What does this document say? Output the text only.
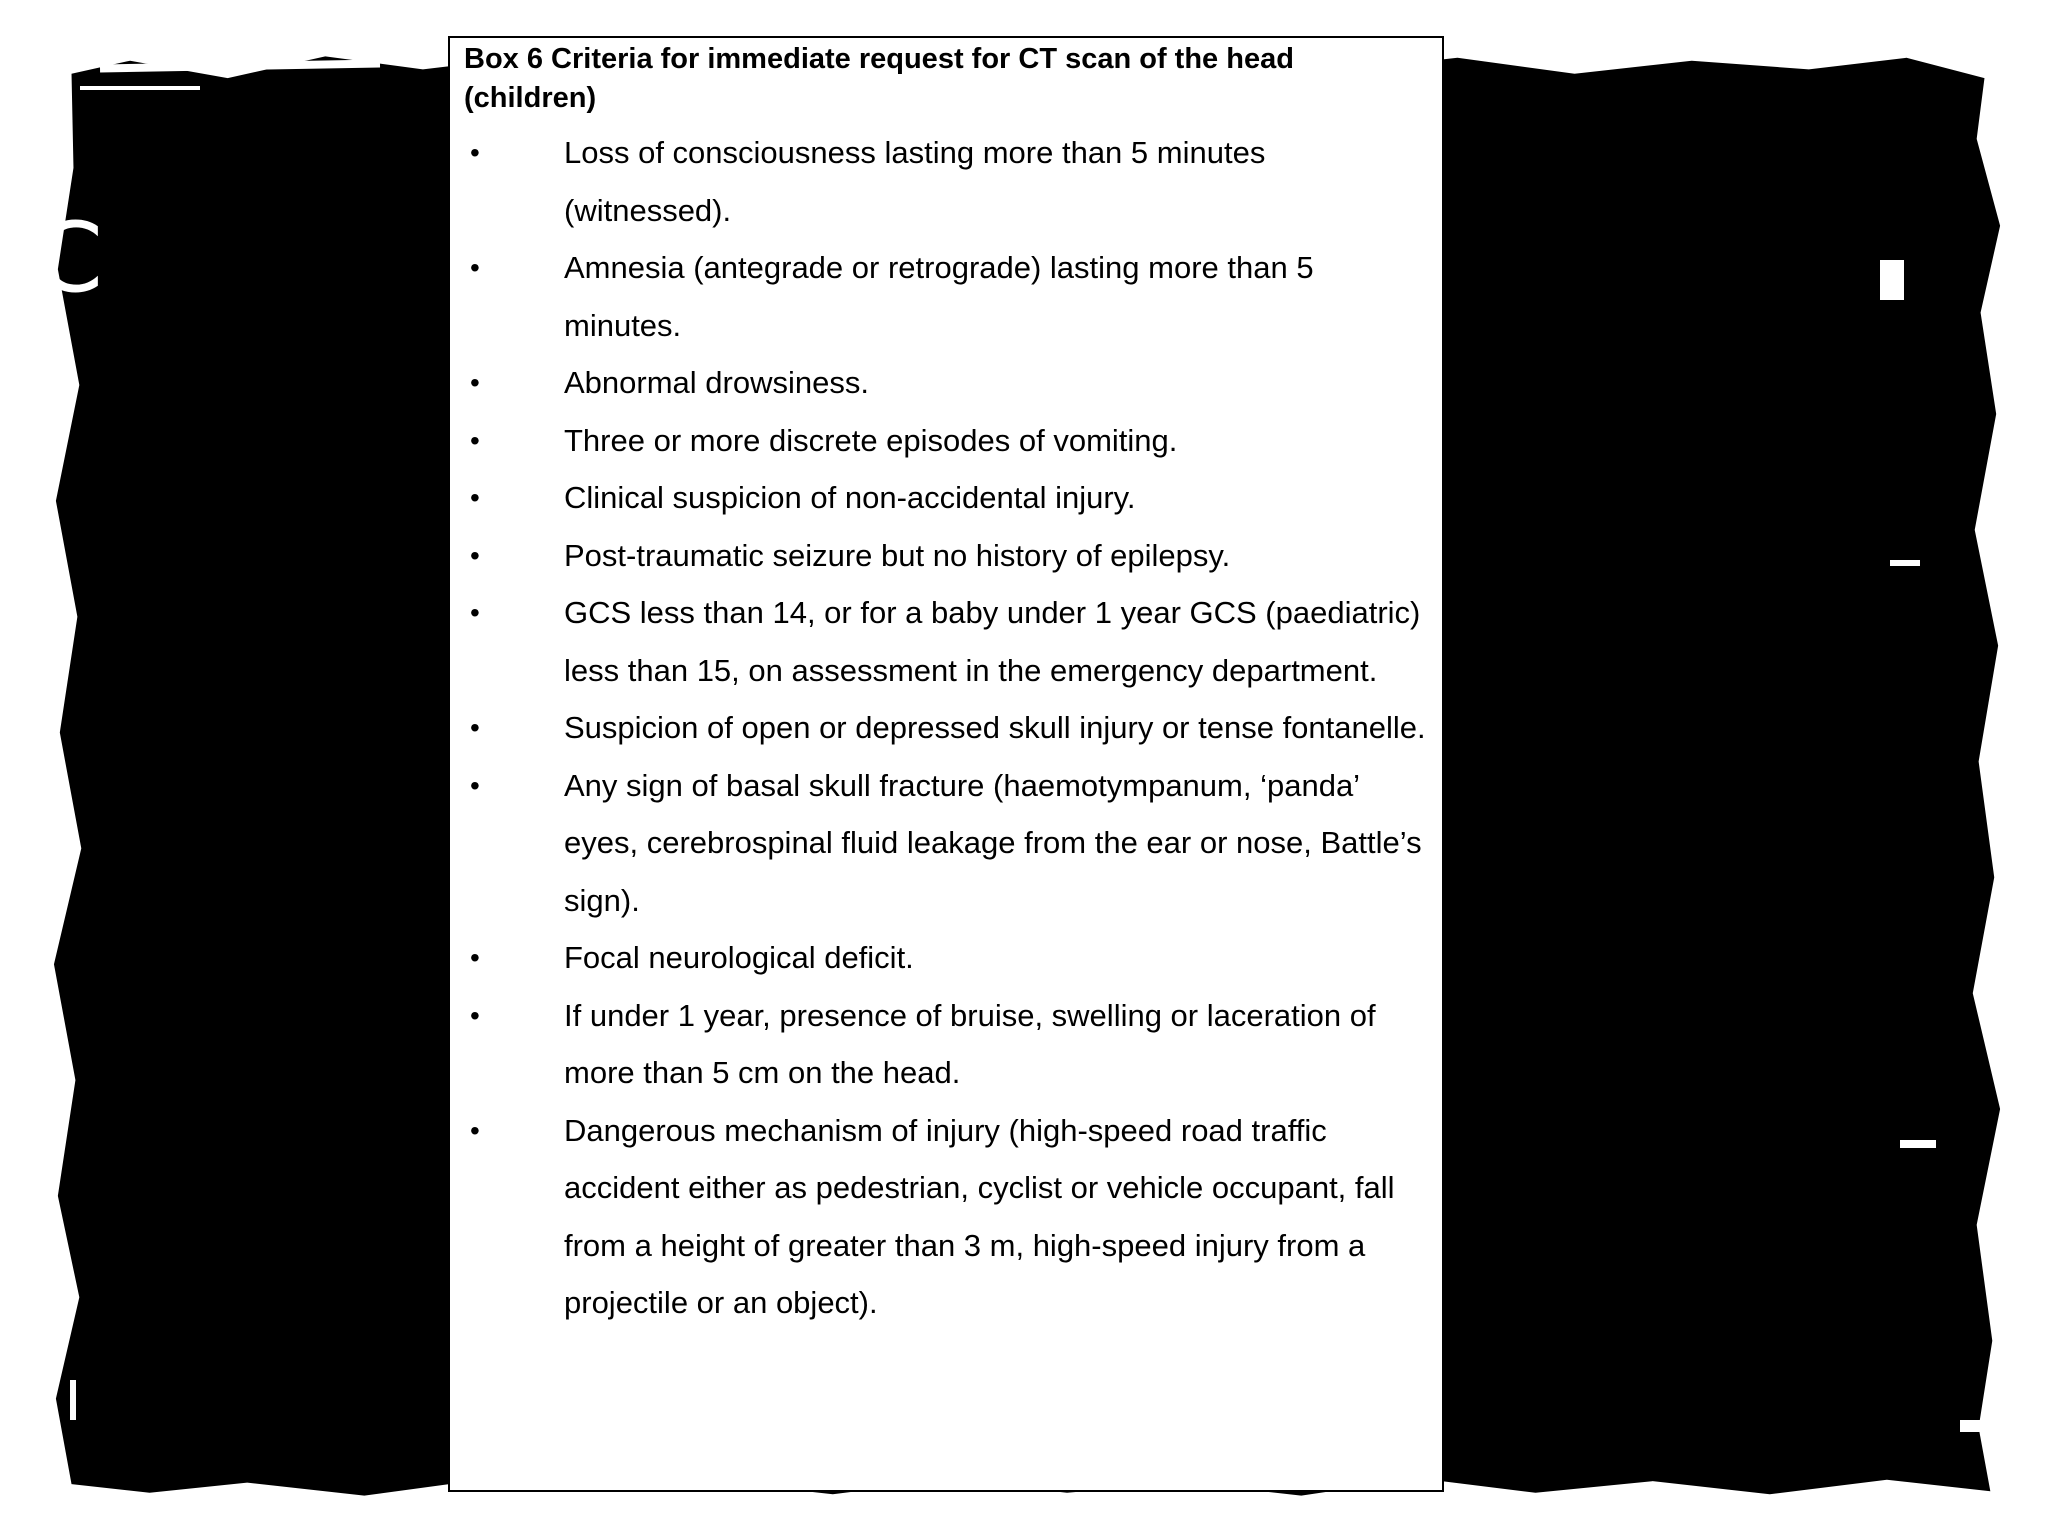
C
Box 6 Criteria for immediate request for CT scan of the head (children)
•	Loss of consciousness lasting more than 5 minutes (witnessed).
•	Amnesia (antegrade or retrograde) lasting more than 5 minutes.
•	Abnormal drowsiness.
•	Three or more discrete episodes of vomiting.
•	Clinical suspicion of non-accidental injury.
•	Post-traumatic seizure but no history of epilepsy.
•	GCS less than 14, or for a baby under 1 year GCS (paediatric) less than 15, on assessment in the emergency department.
•	Suspicion of open or depressed skull injury or tense fontanelle.
•	Any sign of basal skull fracture (haemotympanum, ‘panda’ eyes, cerebrospinal fluid leakage from the ear or nose, Battle’s sign).
•	Focal neurological deficit.
•	If under 1 year, presence of bruise, swelling or laceration of more than 5 cm on the head.
•	Dangerous mechanism of injury (high-speed road traffic accident either as pedestrian, cyclist or vehicle occupant, fall from a height of greater than 3 m, high-speed injury from a projectile or an object).
